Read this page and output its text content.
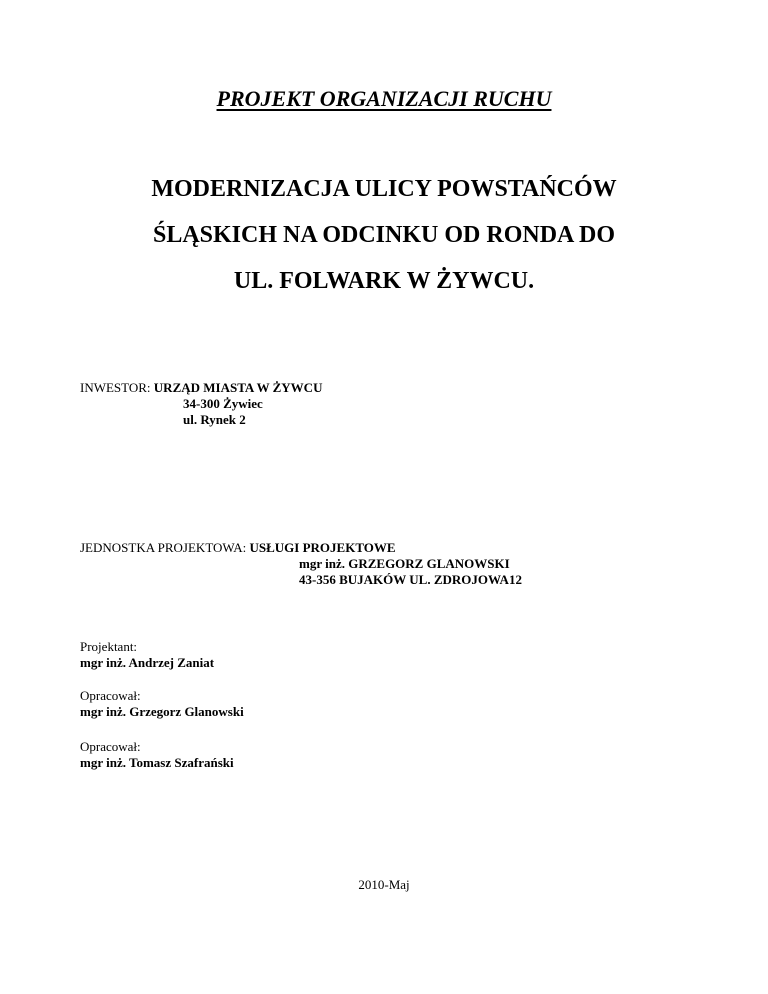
PROJEKT ORGANIZACJI RUCHU
MODERNIZACJA ULICY POWSTAŃCÓW
ŚLĄSKICH NA ODCINKU OD RONDA DO
UL. FOLWARK W ŻYWCU.
INWESTOR: URZĄD MIASTA W ŻYWCU
34-300 Żywiec
ul. Rynek 2
JEDNOSTKA PROJEKTOWA: USŁUGI PROJEKTOWE
mgr inż. GRZEGORZ GLANOWSKI
43-356 BUJAKÓW UL. ZDROJOWA12
Projektant:
mgr inż. Andrzej Zaniat
Opracował:
mgr inż. Grzegorz Glanowski
Opracował:
mgr inż. Tomasz Szafrański

2010-Maj
